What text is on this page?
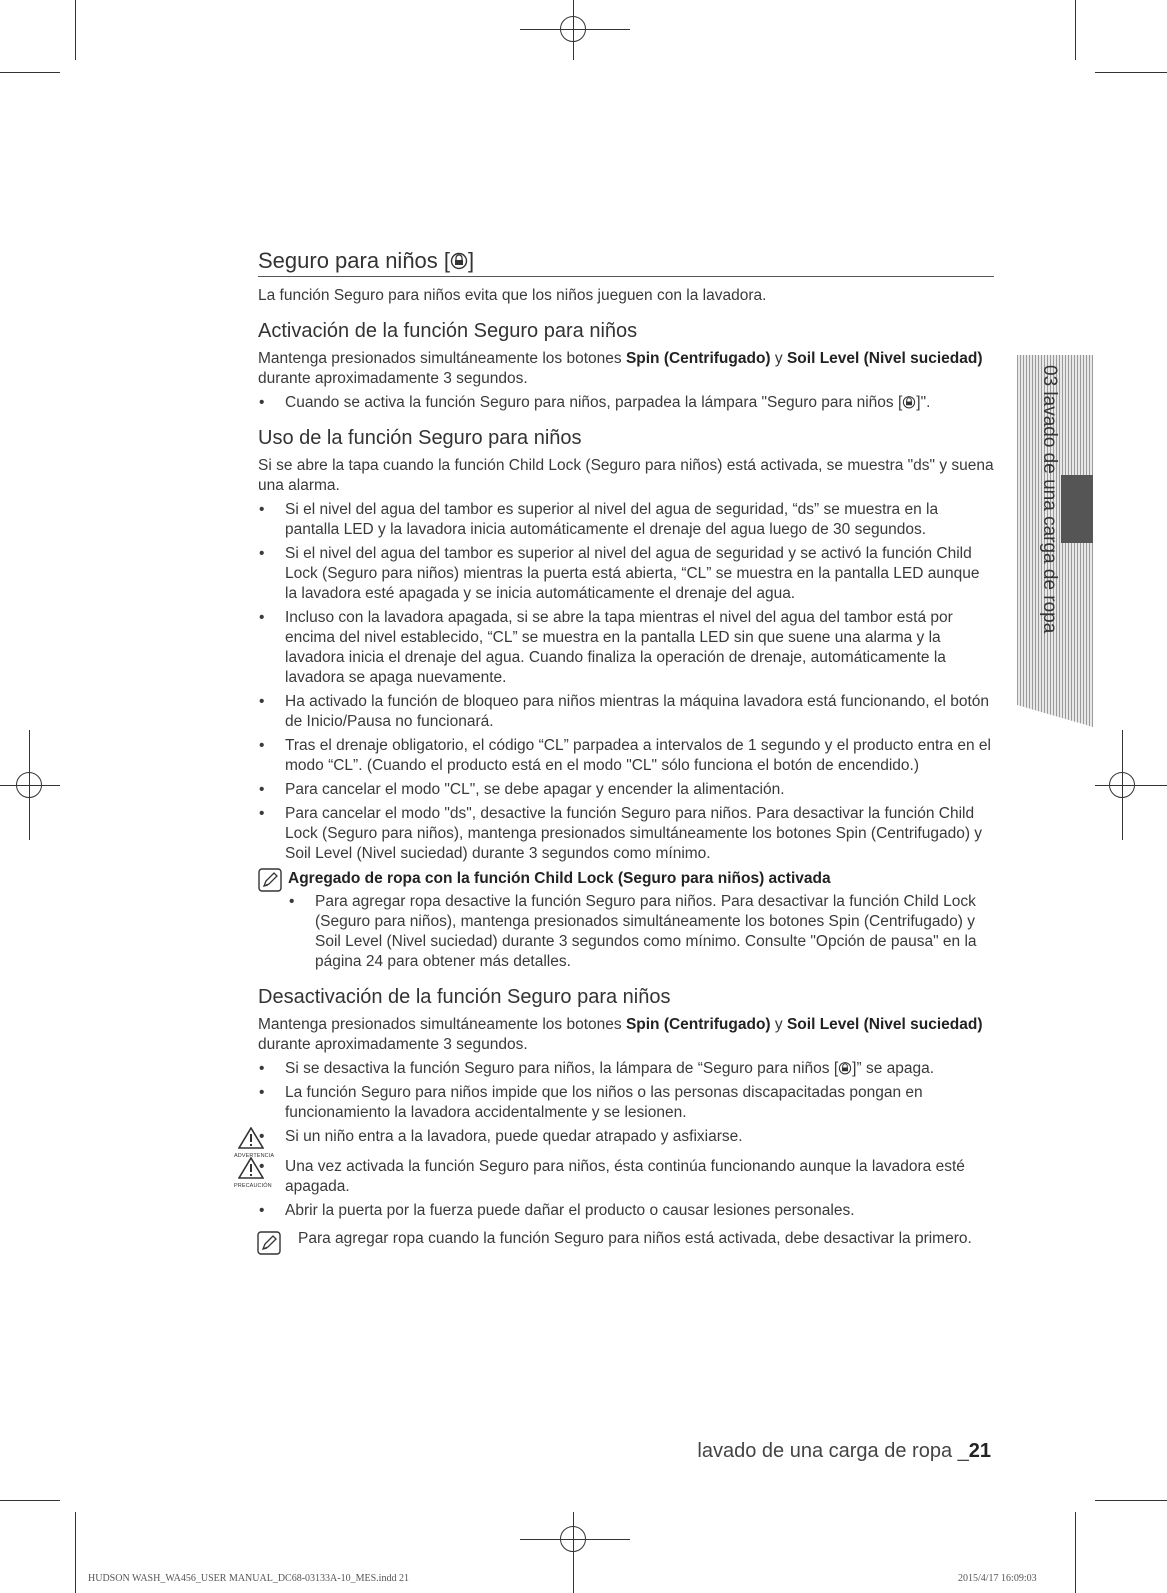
03 lavado de una carga de ropa
Seguro para niños [ ]

La función Seguro para niños evita que los niños jueguen con la lavadora.

Activación de la función Seguro para niños

Mantenga presionados simultáneamente los botones Spin (Centrifugado) y Soil Level (Nivel suciedad) durante aproximadamente 3 segundos.

• Cuando se activa la función Seguro para niños, parpadea la lámpara "Seguro para niños [ ]".
Uso de la función Seguro para niños

Si se abre la tapa cuando la función Child Lock (Seguro para niños) está activada, se muestra "ds" y suena una alarma.

• Si el nivel del agua del tambor es superior al nivel del agua de seguridad, “ds” se muestra en la pantalla LED y la lavadora inicia automáticamente el drenaje del agua luego de 30 segundos.
• Si el nivel del agua del tambor es superior al nivel del agua de seguridad y se activó la función Child Lock (Seguro para niños) mientras la puerta está abierta, “CL” se muestra en la pantalla LED aunque la lavadora esté apagada y se inicia automáticamente el drenaje del agua.
• Incluso con la lavadora apagada, si se abre la tapa mientras el nivel del agua del tambor está por encima del nivel establecido, “CL” se muestra en la pantalla LED sin que suene una alarma y la lavadora inicia el drenaje del agua. Cuando finaliza la operación de drenaje, automáticamente la lavadora se apaga nuevamente.
• Ha activado la función de bloqueo para niños mientras la máquina lavadora está funcionando, el botón de Inicio/Pausa no funcionará.
• Tras el drenaje obligatorio, el código “CL” parpadea a intervalos de 1 segundo y el producto entra en el modo “CL”. (Cuando el producto está en el modo "CL" sólo funciona el botón de encendido.)
• Para cancelar el modo "CL", se debe apagar y encender la alimentación.
• Para cancelar el modo "ds", desactive la función Seguro para niños. Para desactivar la función Child Lock (Seguro para niños), mantenga presionados simultáneamente los botones Spin (Centrifugado) y Soil Level (Nivel suciedad) durante 3 segundos como mínimo.
Agregado de ropa con la función Child Lock (Seguro para niños) activada
• Para agregar ropa desactive la función Seguro para niños. Para desactivar la función Child Lock (Seguro para niños), mantenga presionados simultáneamente los botones Spin (Centrifugado) y Soil Level (Nivel suciedad) durante 3 segundos como mínimo. Consulte "Opción de pausa" en la página 24 para obtener más detalles.
Desactivación de la función Seguro para niños

Mantenga presionados simultáneamente los botones Spin (Centrifugado) y Soil Level (Nivel suciedad) durante aproximadamente 3 segundos.

• Si se desactiva la función Seguro para niños, la lámpara de “Seguro para niños [ ]” se apaga.
• La función Seguro para niños impide que los niños o las personas discapacitadas pongan en funcionamiento la lavadora accidentalmente y se lesionen.
ADVERTENCIA
• Si un niño entra a la lavadora, puede quedar atrapado y asfixiarse.
PRECAUCIÓN
• Una vez activada la función Seguro para niños, ésta continúa funcionando aunque la lavadora esté apagada.
• Abrir la puerta por la fuerza puede dañar el producto o causar lesiones personales.

Para agregar ropa cuando la función Seguro para niños está activada, debe desactivar la primero.

lavado de una carga de ropa _21
HUDSON WASH_WA456_USER MANUAL_DC68-03133A-10_MES.indd 21	2015/4/17 16:09:03
